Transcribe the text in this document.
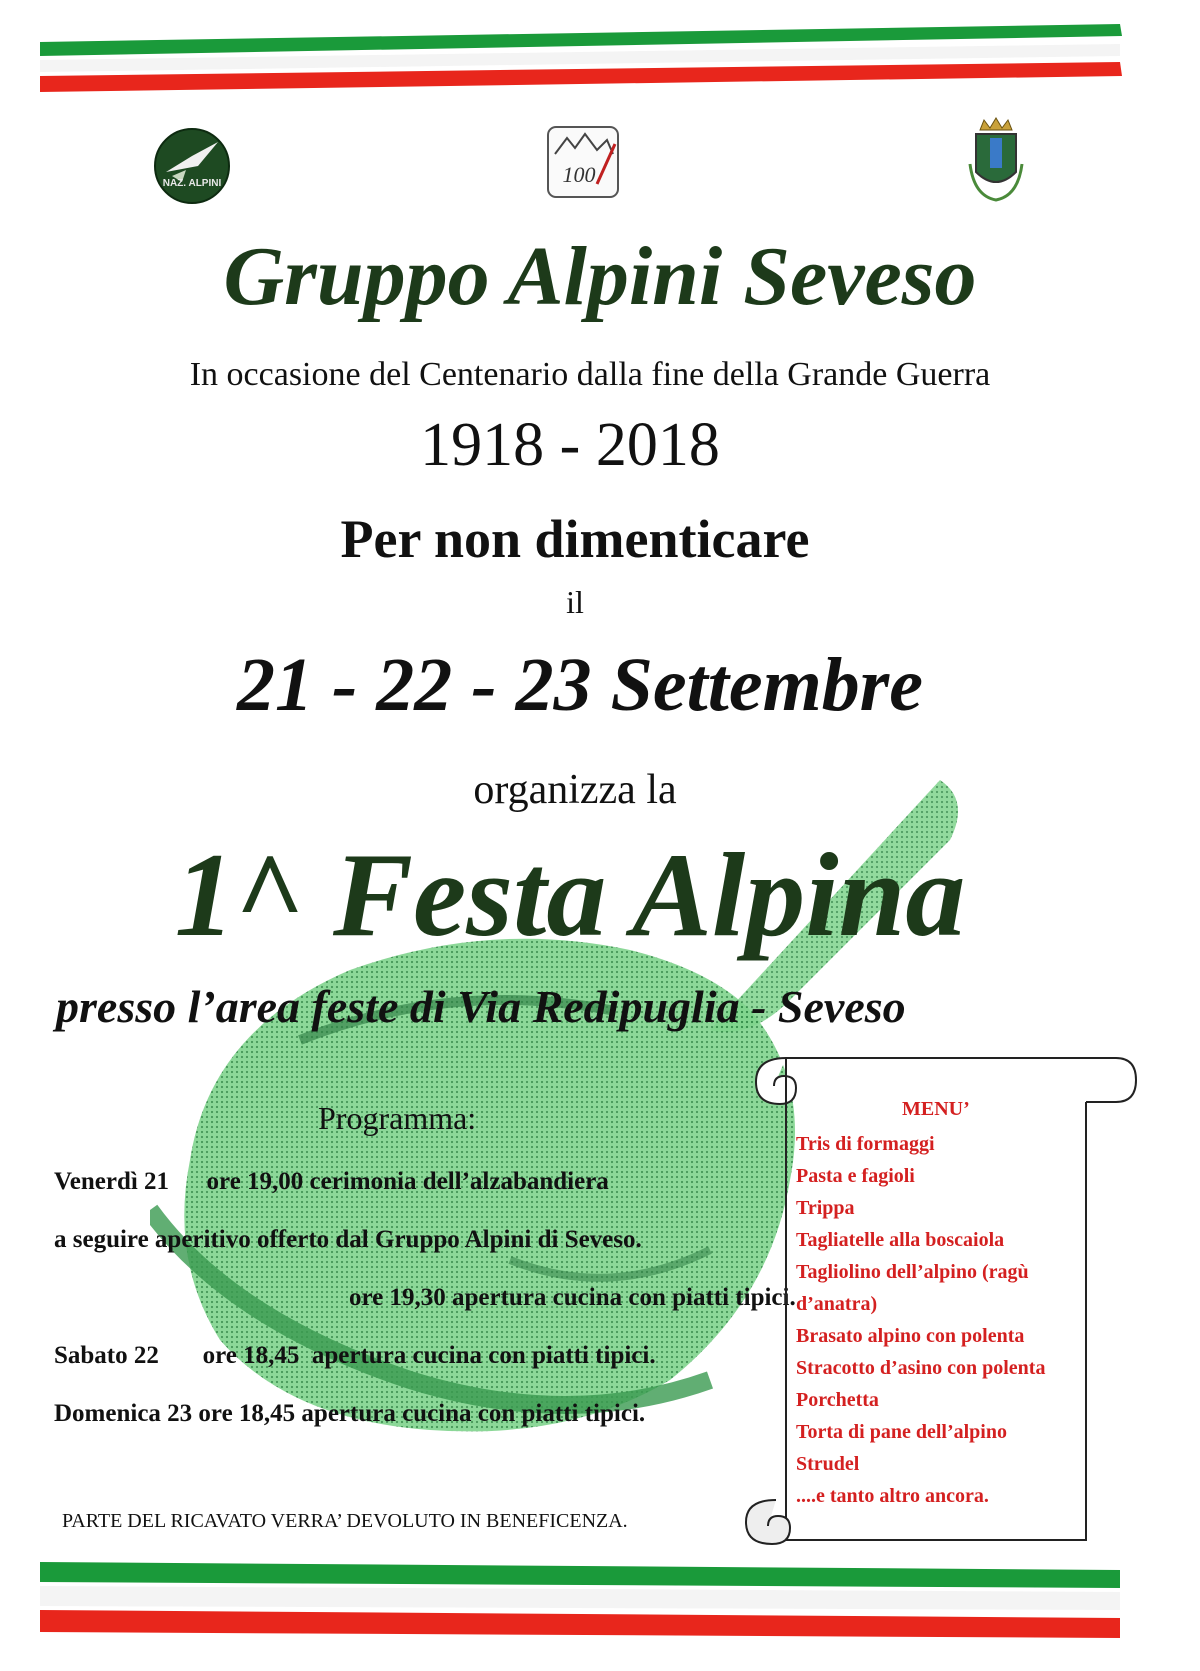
NAZ. ALPINI	100
Gruppo Alpini Seveso
In occasione del Centenario dalla fine della Grande Guerra
1918 - 2018
Per non dimenticare
il
21 - 22 - 23 Settembre
organizza la
1^ Festa Alpina
presso l’area feste di Via Redipuglia - Seveso
Programma:
Venerdì 21      ore 19,00 cerimonia dell’alzabandiera
a seguire aperitivo offerto dal Gruppo Alpini di Seveso.
ore 19,30 apertura cucina con piatti tipici.
Sabato 22       ore 18,45  apertura cucina con piatti tipici.
Domenica 23 ore 18,45 apertura cucina con piatti tipici.
MENU’
Tris di formaggi
Pasta e fagioli
Trippa
Tagliatelle alla boscaiola
Tagliolino dell’alpino (ragù
d’anatra)
Brasato alpino con polenta
Stracotto d’asino con polenta
Porchetta
Torta di pane dell’alpino
Strudel
....e tanto altro ancora.
PARTE DEL RICAVATO VERRA’ DEVOLUTO IN BENEFICENZA.
